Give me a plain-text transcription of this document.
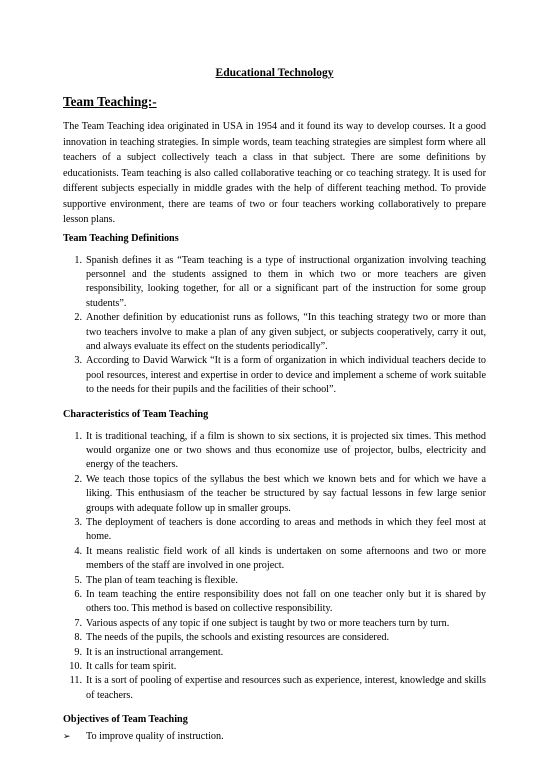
Educational Technology

Team Teaching:-

The Team Teaching idea originated in USA in 1954 and it found its way to develop courses. It a good innovation in teaching strategies. In simple words, team teaching strategies are simplest form where all teachers of a subject collectively teach a class in that subject. There are some definitions by educationists. Team teaching is also called collaborative teaching or co teaching strategy. It is used for different subjects especially in middle grades with the help of different teaching method. To provide supportive environment, there are teams of two or four teachers working collaboratively to prepare lesson plans.

Team Teaching Definitions

1. Spanish defines it as “Team teaching is a type of instructional organization involving teaching personnel and the students assigned to them in which two or more teachers are given responsibility, looking together, for all or a significant part of the instruction for some group students”.
2. Another definition by educationist runs as follows, “In this teaching strategy two or more than two teachers involve to make a plan of any given subject, or subjects cooperatively, carry it out, and always evaluate its effect on the students periodically”.
3. According to David Warwick “It is a form of organization in which individual teachers decide to pool resources, interest and expertise in order to device and implement a scheme of work suitable to the needs for their pupils and the facilities of their school”.

Characteristics of Team Teaching

1. It is traditional teaching, if a film is shown to six sections, it is projected six times. This method would organize one or two shows and thus economize use of projector, bulbs, electricity and energy of the teachers.
2. We teach those topics of the syllabus the best which we known bets and for which we have a liking. This enthusiasm of the teacher be structured by say factual lessons in few large senior groups with adequate follow up in smaller groups.
3. The deployment of teachers is done according to areas and methods in which they feel most at home.
4. It means realistic field work of all kinds is undertaken on some afternoons and two or more members of the staff are involved in one project.
5. The plan of team teaching is flexible.
6. In team teaching the entire responsibility does not fall on one teacher only but it is shared by others too. This method is based on collective responsibility.
7. Various aspects of any topic if one subject is taught by two or more teachers turn by turn.
8. The needs of the pupils, the schools and existing resources are considered.
9. It is an instructional arrangement.
10. It calls for team spirit.
11. It is a sort of pooling of expertise and resources such as experience, interest, knowledge and skills of teachers.

Objectives of Team Teaching

➢ To improve quality of instruction.
